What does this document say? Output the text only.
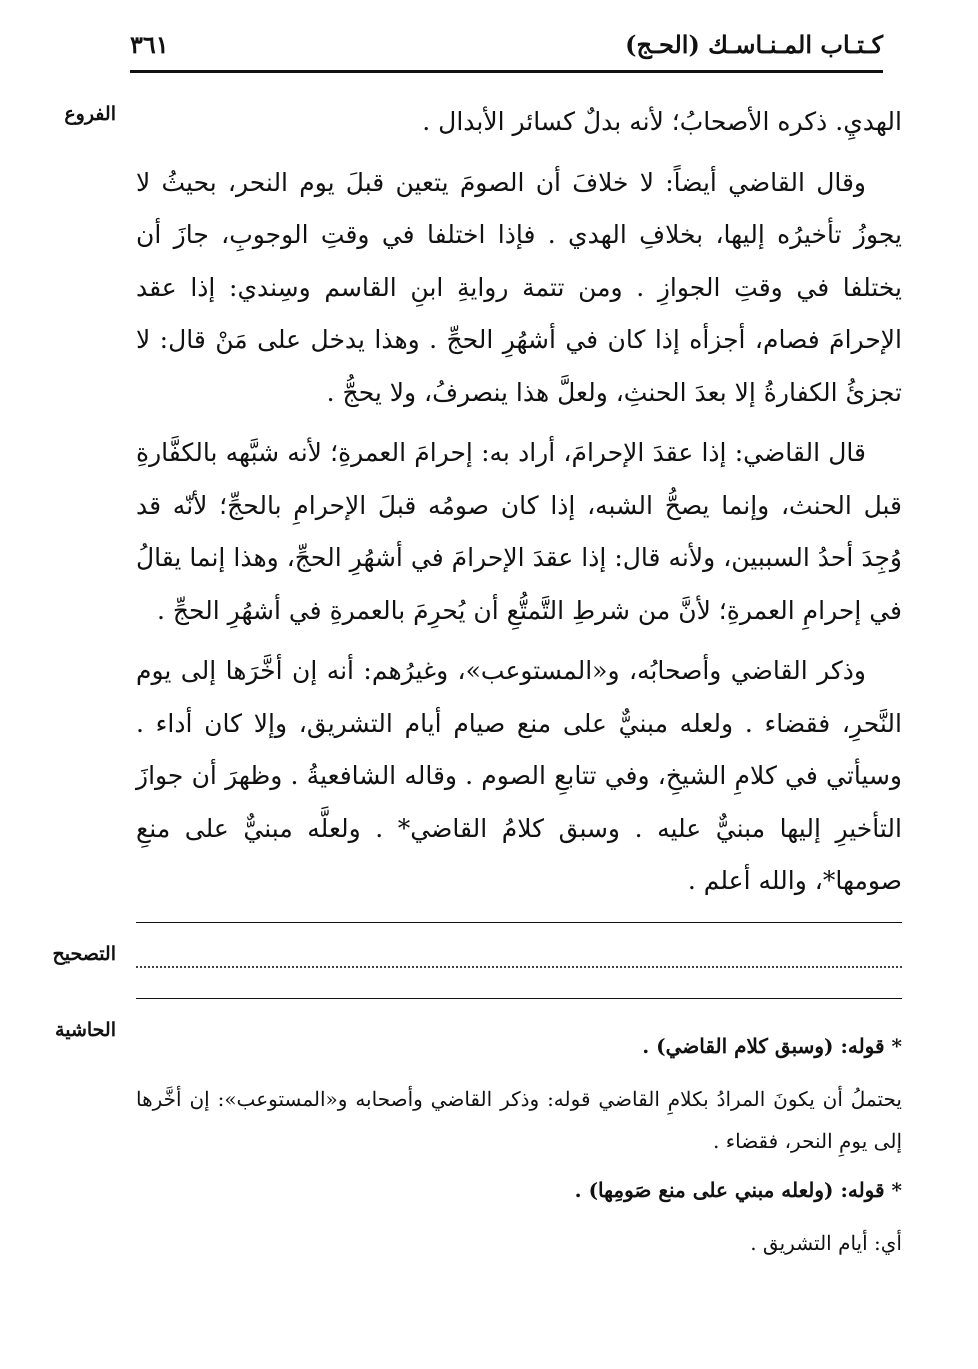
كـتـاب المـنـاسـك (الحـج)
٣٦١
الفروع
التصحيح
الحاشية

الهديِ. ذكره الأصحابُ؛ لأنه بدلٌ كسائر الأبدال .

وقال القاضي أيضاً: لا خلافَ أن الصومَ يتعين قبلَ يوم النحر، بحيثُ لا يجوزُ تأخيرُه إليها، بخلافِ الهدي . فإذا اختلفا في وقتِ الوجوبِ، جازَ أن يختلفا في وقتِ الجوازِ . ومن تتمة روايةِ ابنِ القاسم وسِندي: إذا عقد الإحرامَ فصام، أجزأه إذا كان في أشهُرِ الحجِّ . وهذا يدخل على مَنْ قال: لا تجزئُ الكفارةُ إلا بعدَ الحنثِ، ولعلَّ هذا ينصرفُ، ولا يحجُّ .

قال القاضي: إذا عقدَ الإحرامَ، أراد به: إحرامَ العمرةِ؛ لأنه شبَّهه بالكفَّارةِ قبل الحنث، وإنما يصحُّ الشبه، إذا كان صومُه قبلَ الإحرامِ بالحجِّ؛ لأنّه قد وُجِدَ أحدُ السببين، ولأنه قال: إذا عقدَ الإحرامَ في أشهُرِ الحجِّ، وهذا إنما يقالُ في إحرامِ العمرةِ؛ لأنَّ من شرطِ التَّمتُّعِ أن يُحرِمَ بالعمرةِ في أشهُرِ الحجِّ .

وذكر القاضي وأصحابُه، و«المستوعب»، وغيرُهم: أنه إن أخَّرَها إلى يوم النَّحرِ، فقضاء . ولعله مبنيٌّ على منع صيام أيام التشريق، وإلا كان أداء . وسيأتي في كلامِ الشيخِ، وفي تتابعِ الصوم . وقاله الشافعيةُ . وظهرَ أن جوازَ التأخيرِ إليها مبنيٌّ عليه . وسبق كلامُ القاضي* . ولعلَّه مبنيٌّ على منعِ صومها*، والله أعلم .

* قوله: (وسبق كلام القاضي) .
يحتملُ أن يكونَ المرادُ بكلامِ القاضي قوله: وذكر القاضي وأصحابه و«المستوعب»: إن أخَّرها إلى يومِ النحر، فقضاء .
* قوله: (ولعله مبني على منع صَومِها) .
أي: أيام التشريق .
